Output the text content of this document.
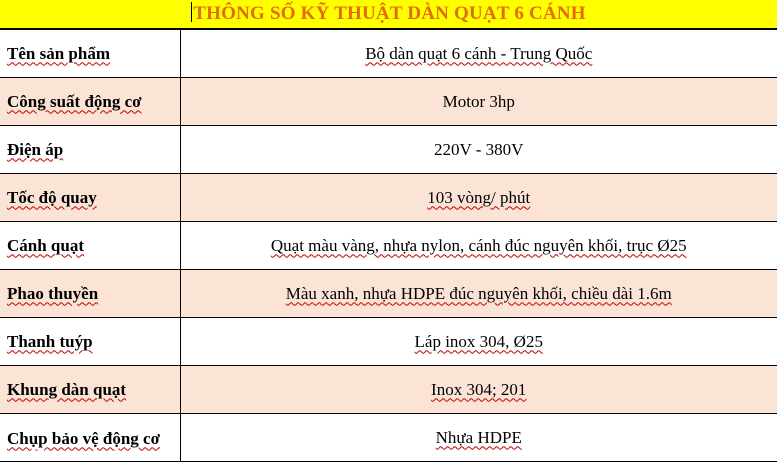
THÔNG SỐ KỸ THUẬT DÀN QUẠT 6 CÁNH
Tên sản phẩm	Bộ dàn quạt 6 cánh - Trung Quốc
Công suất động cơ	Motor 3hp
Điện áp	220V - 380V
Tốc độ quay	103 vòng/ phút
Cánh quạt	Quạt màu vàng, nhựa nylon, cánh đúc nguyên khối, trục Ø25
Phao thuyền	Màu xanh, nhựa HDPE đúc nguyên khối, chiều dài 1.6m
Thanh tuýp	Láp inox 304, Ø25
Khung dàn quạt	Inox 304; 201
Chụp bảo vệ động cơ	Nhựa HDPE
